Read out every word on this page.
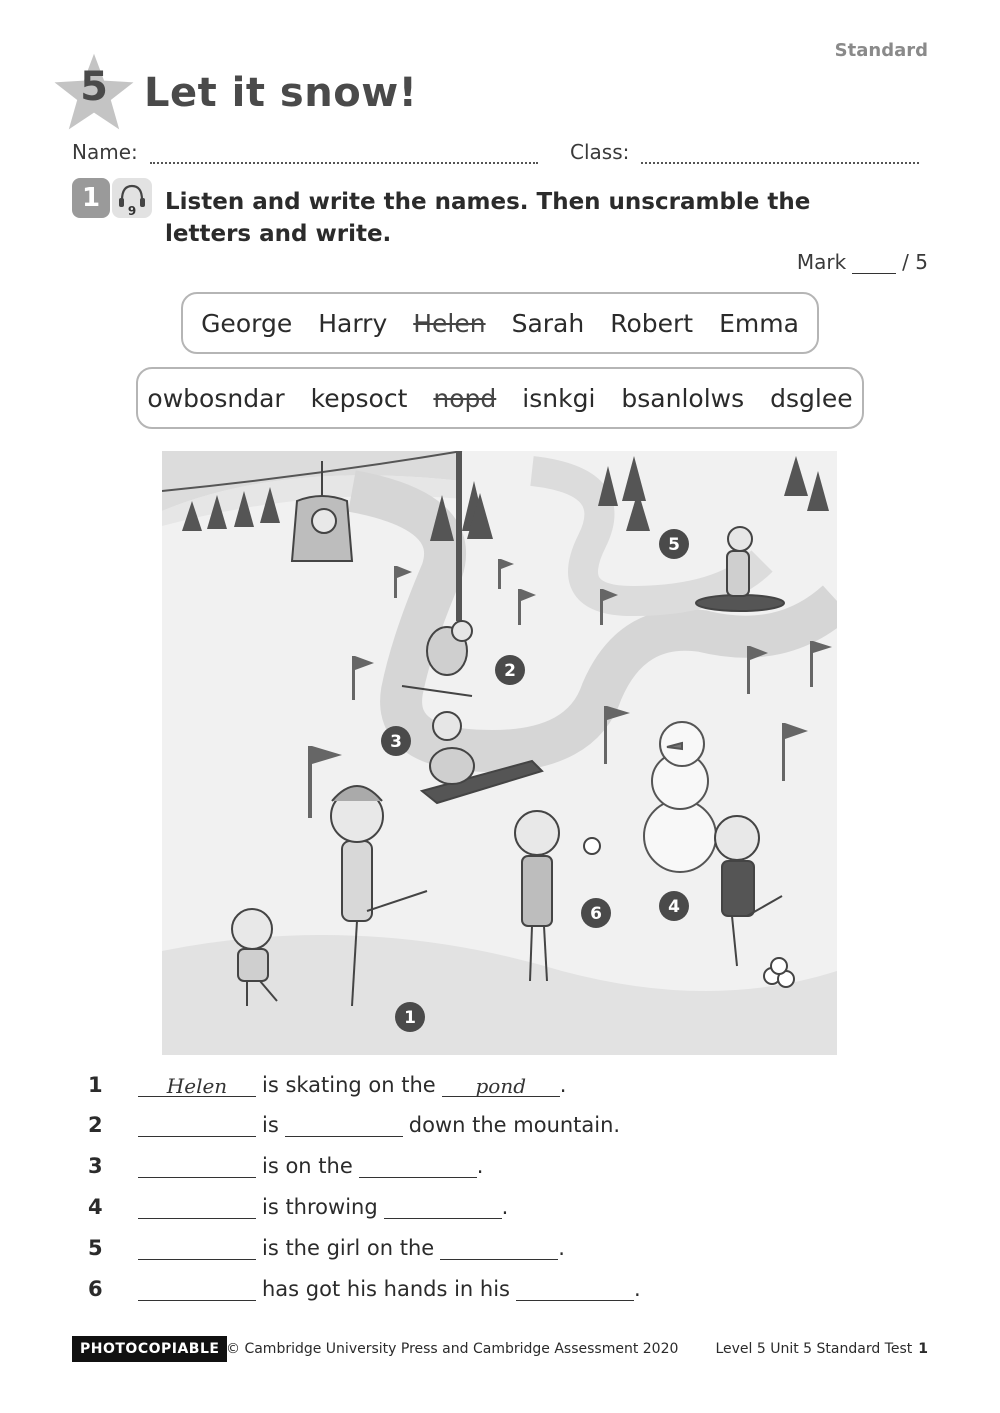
Standard
5 Let it snow!
Name:	Class:
1	9 Listen and write the names. Then unscramble the letters and write.
Mark	/ 5
George	Harry	Helen	Sarah	Robert	Emma
owbosndar	kepsoct	nopd	isnkgi	bsanlolws	dsglee
5
2
3
1
6	4
1	Helen is skating on the pond .
2	is	down the mountain.
3	is on the	.
4	is throwing	.
5	is the girl on the	.
6	has got his hands in his	.
PHOTOCOPIABLE © Cambridge University Press and Cambridge Assessment 2020	Level 5 Unit 5 Standard Test 1
